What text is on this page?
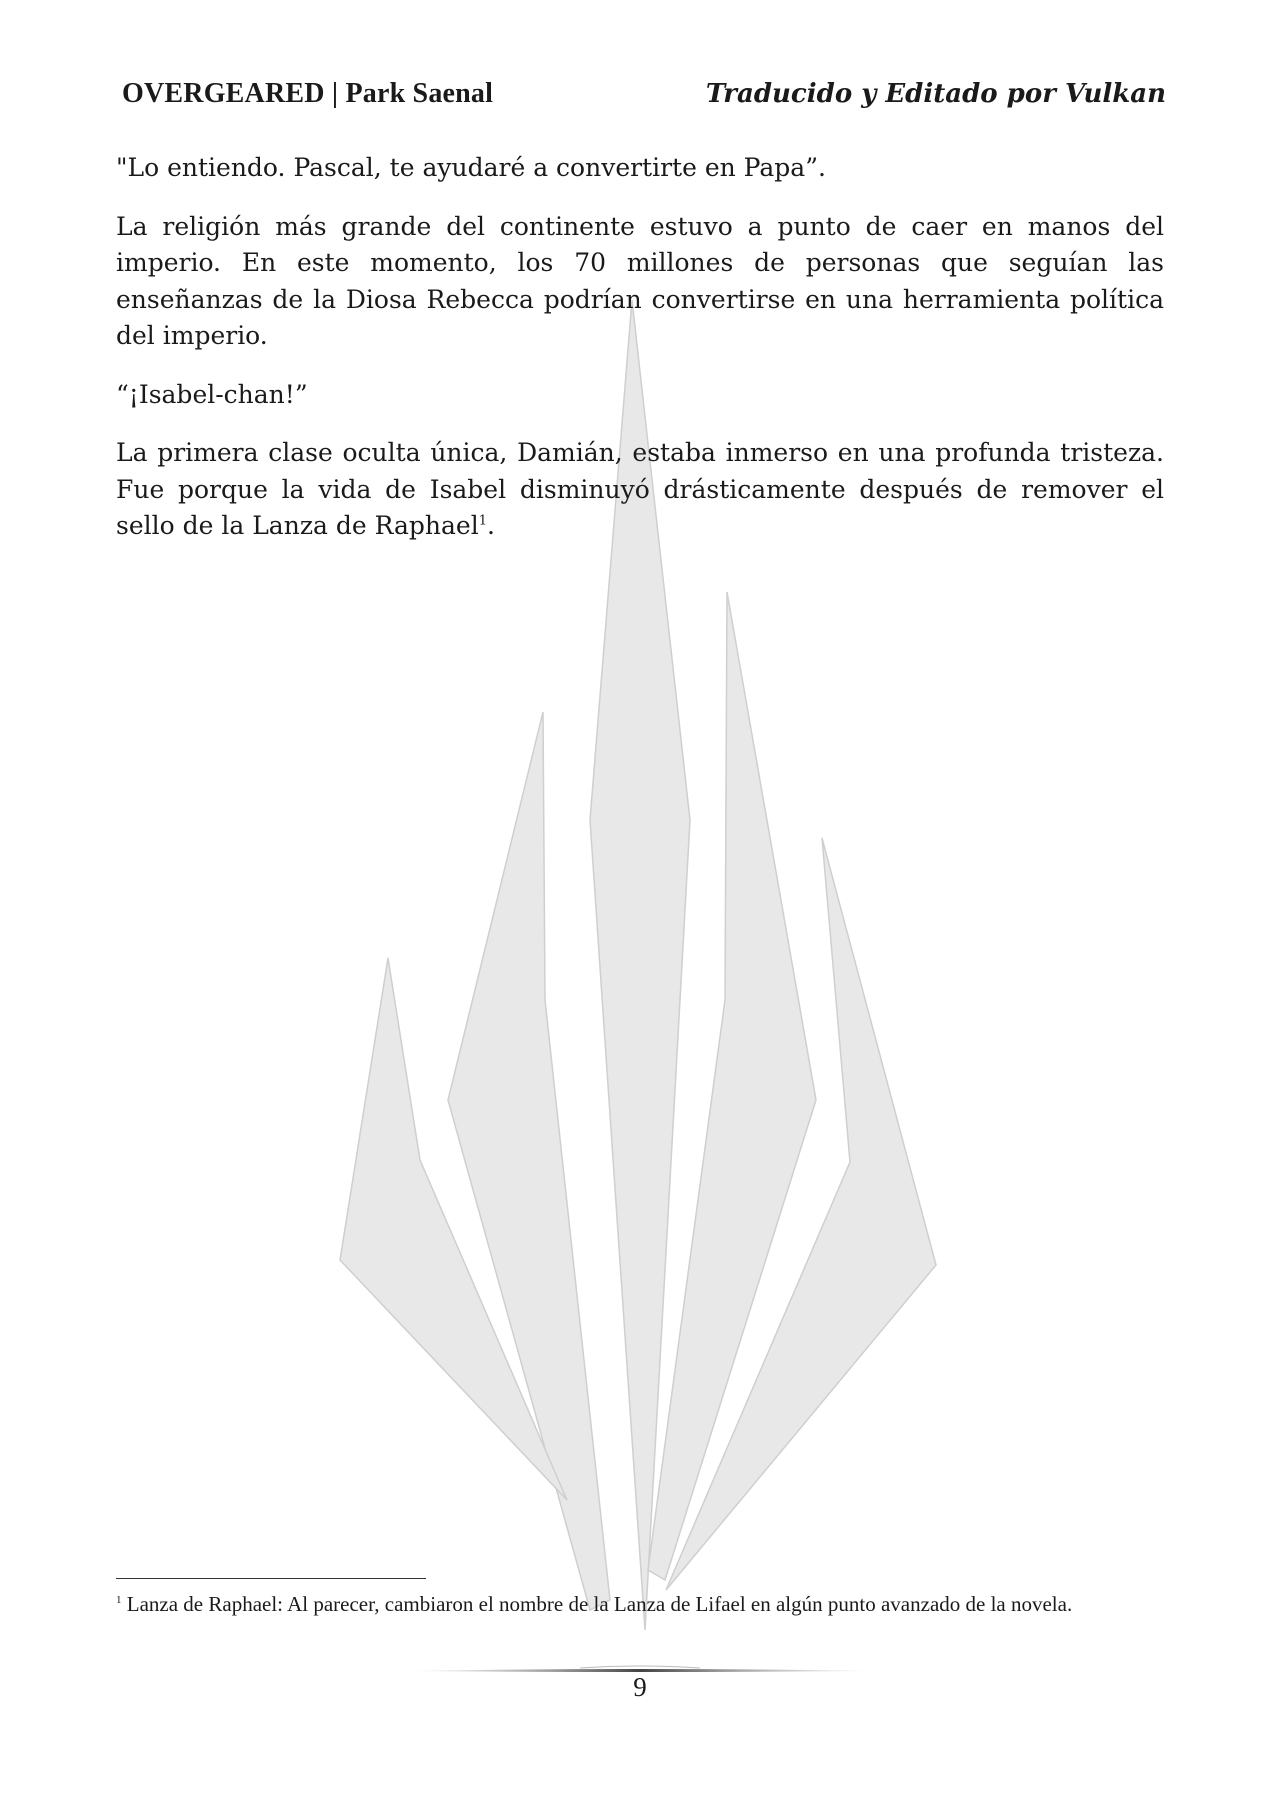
OVERGEARED | Park Saenal	Traducido y Editado por Vulkan

"Lo entiendo. Pascal, te ayudaré a convertirte en Papa”.

La religión más grande del continente estuvo a punto de caer en manos del imperio. En este momento, los 70 millones de personas que seguían las enseñanzas de la Diosa Rebecca podrían convertirse en una herramienta política del imperio.

“¡Isabel-chan!”

La primera clase oculta única, Damián, estaba inmerso en una profunda tristeza. Fue porque la vida de Isabel disminuyó drásticamente después de remover el sello de la Lanza de Raphael$^1$.

$^1$ Lanza de Raphael: Al parecer, cambiaron el nombre de la Lanza de Lifael en algún punto avanzado de la novela.
9
